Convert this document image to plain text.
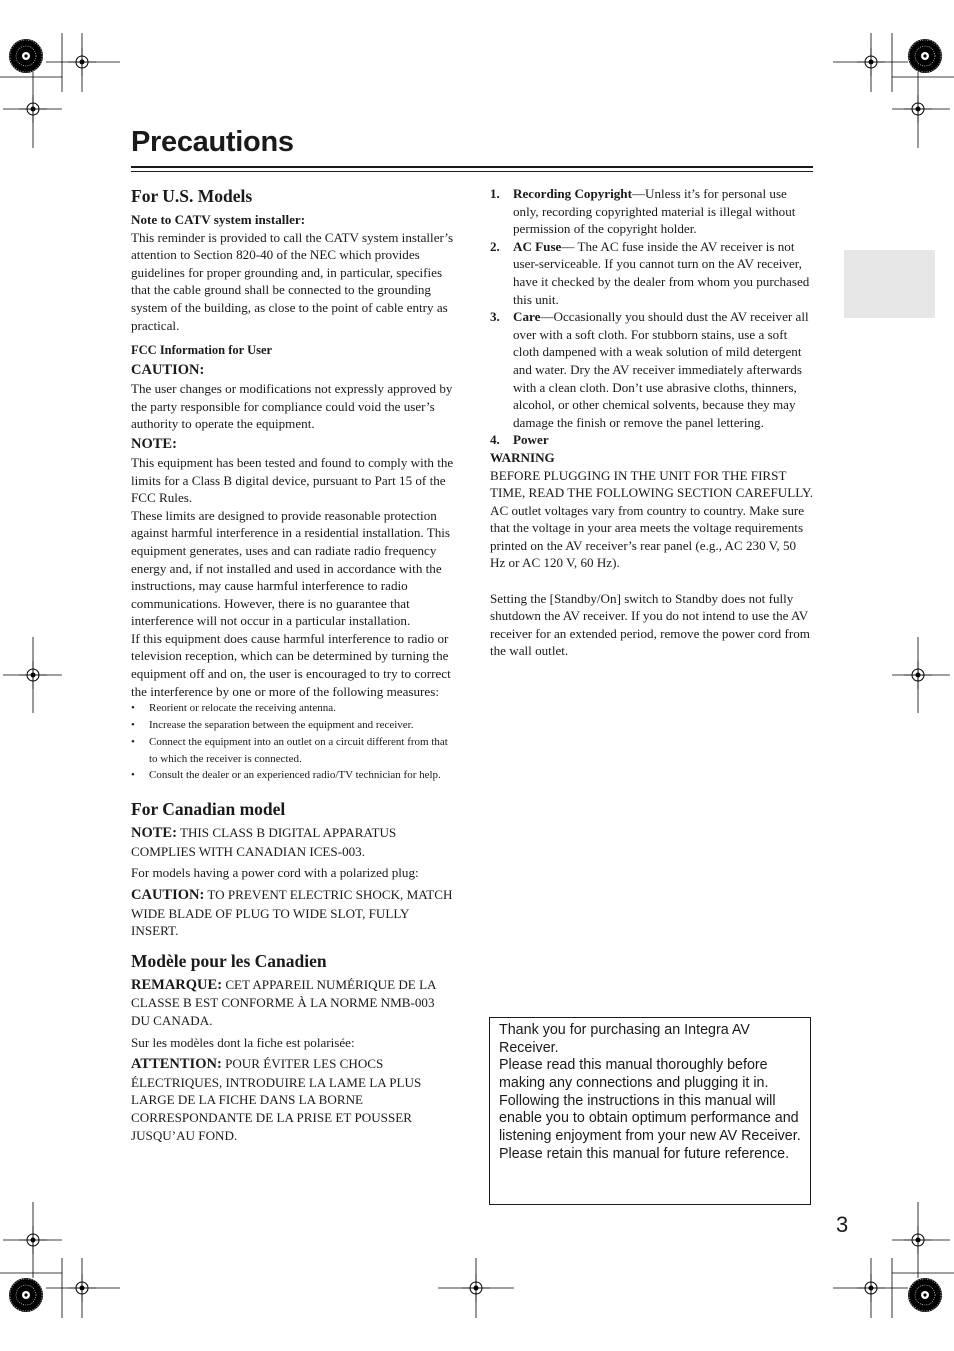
Precautions
For U.S. Models

Note to CATV system installer:

This reminder is provided to call the CATV system installer’s attention to Section 820-40 of the NEC which provides guidelines for proper grounding and, in particular, specifies that the cable ground shall be connected to the grounding system of the building, as close to the point of cable entry as practical.

FCC Information for User

CAUTION:

The user changes or modifications not expressly approved by the party responsible for compliance could void the user’s authority to operate the equipment.

NOTE:

This equipment has been tested and found to comply with the limits for a Class B digital device, pursuant to Part 15 of the FCC Rules.

These limits are designed to provide reasonable protection against harmful interference in a residential installation. This equipment generates, uses and can radiate radio frequency energy and, if not installed and used in accordance with the instructions, may cause harmful interference to radio communications. However, there is no guarantee that interference will not occur in a particular installation.

If this equipment does cause harmful interference to radio or television reception, which can be determined by turning the equipment off and on, the user is encouraged to try to correct the interference by one or more of the following measures:

• Reorient or relocate the receiving antenna.
• Increase the separation between the equipment and receiver.
• Connect the equipment into an outlet on a circuit different from that to which the receiver is connected.
• Consult the dealer or an experienced radio/TV technician for help.
For Canadian model

NOTE: THIS CLASS B DIGITAL APPARATUS COMPLIES WITH CANADIAN ICES-003.

For models having a power cord with a polarized plug:

CAUTION: TO PREVENT ELECTRIC SHOCK, MATCH WIDE BLADE OF PLUG TO WIDE SLOT, FULLY INSERT.

Modèle pour les Canadien

REMARQUE: CET APPAREIL NUMÉRIQUE DE LA CLASSE B EST CONFORME À LA NORME NMB-003 DU CANADA.

Sur les modèles dont la fiche est polarisée:

ATTENTION: POUR ÉVITER LES CHOCS ÉLECTRIQUES, INTRODUIRE LA LAME LA PLUS LARGE DE LA FICHE DANS LA BORNE CORRESPONDANTE DE LA PRISE ET POUSSER JUSQU’AU FOND.

1. Recording Copyright—Unless it’s for personal use only, recording copyrighted material is illegal without permission of the copyright holder.
2. AC Fuse— The AC fuse inside the AV receiver is not user-serviceable. If you cannot turn on the AV receiver, have it checked by the dealer from whom you purchased this unit.
3. Care—Occasionally you should dust the AV receiver all over with a soft cloth. For stubborn stains, use a soft cloth dampened with a weak solution of mild detergent and water. Dry the AV receiver immediately afterwards with a clean cloth. Don’t use abrasive cloths, thinners, alcohol, or other chemical solvents, because they may damage the finish or remove the panel lettering.
4. Power

WARNING

BEFORE PLUGGING IN THE UNIT FOR THE FIRST TIME, READ THE FOLLOWING SECTION CAREFULLY.

AC outlet voltages vary from country to country. Make sure that the voltage in your area meets the voltage requirements printed on the AV receiver’s rear panel (e.g., AC 230 V, 50 Hz or AC 120 V, 60 Hz).

Setting the [Standby/On] switch to Standby does not fully shutdown the AV receiver. If you do not intend to use the AV receiver for an extended period, remove the power cord from the wall outlet.

Thank you for purchasing an Integra AV Receiver.

Please read this manual thoroughly before making any connections and plugging it in.

Following the instructions in this manual will enable you to obtain optimum performance and listening enjoyment from your new AV Receiver.

Please retain this manual for future reference.

3
